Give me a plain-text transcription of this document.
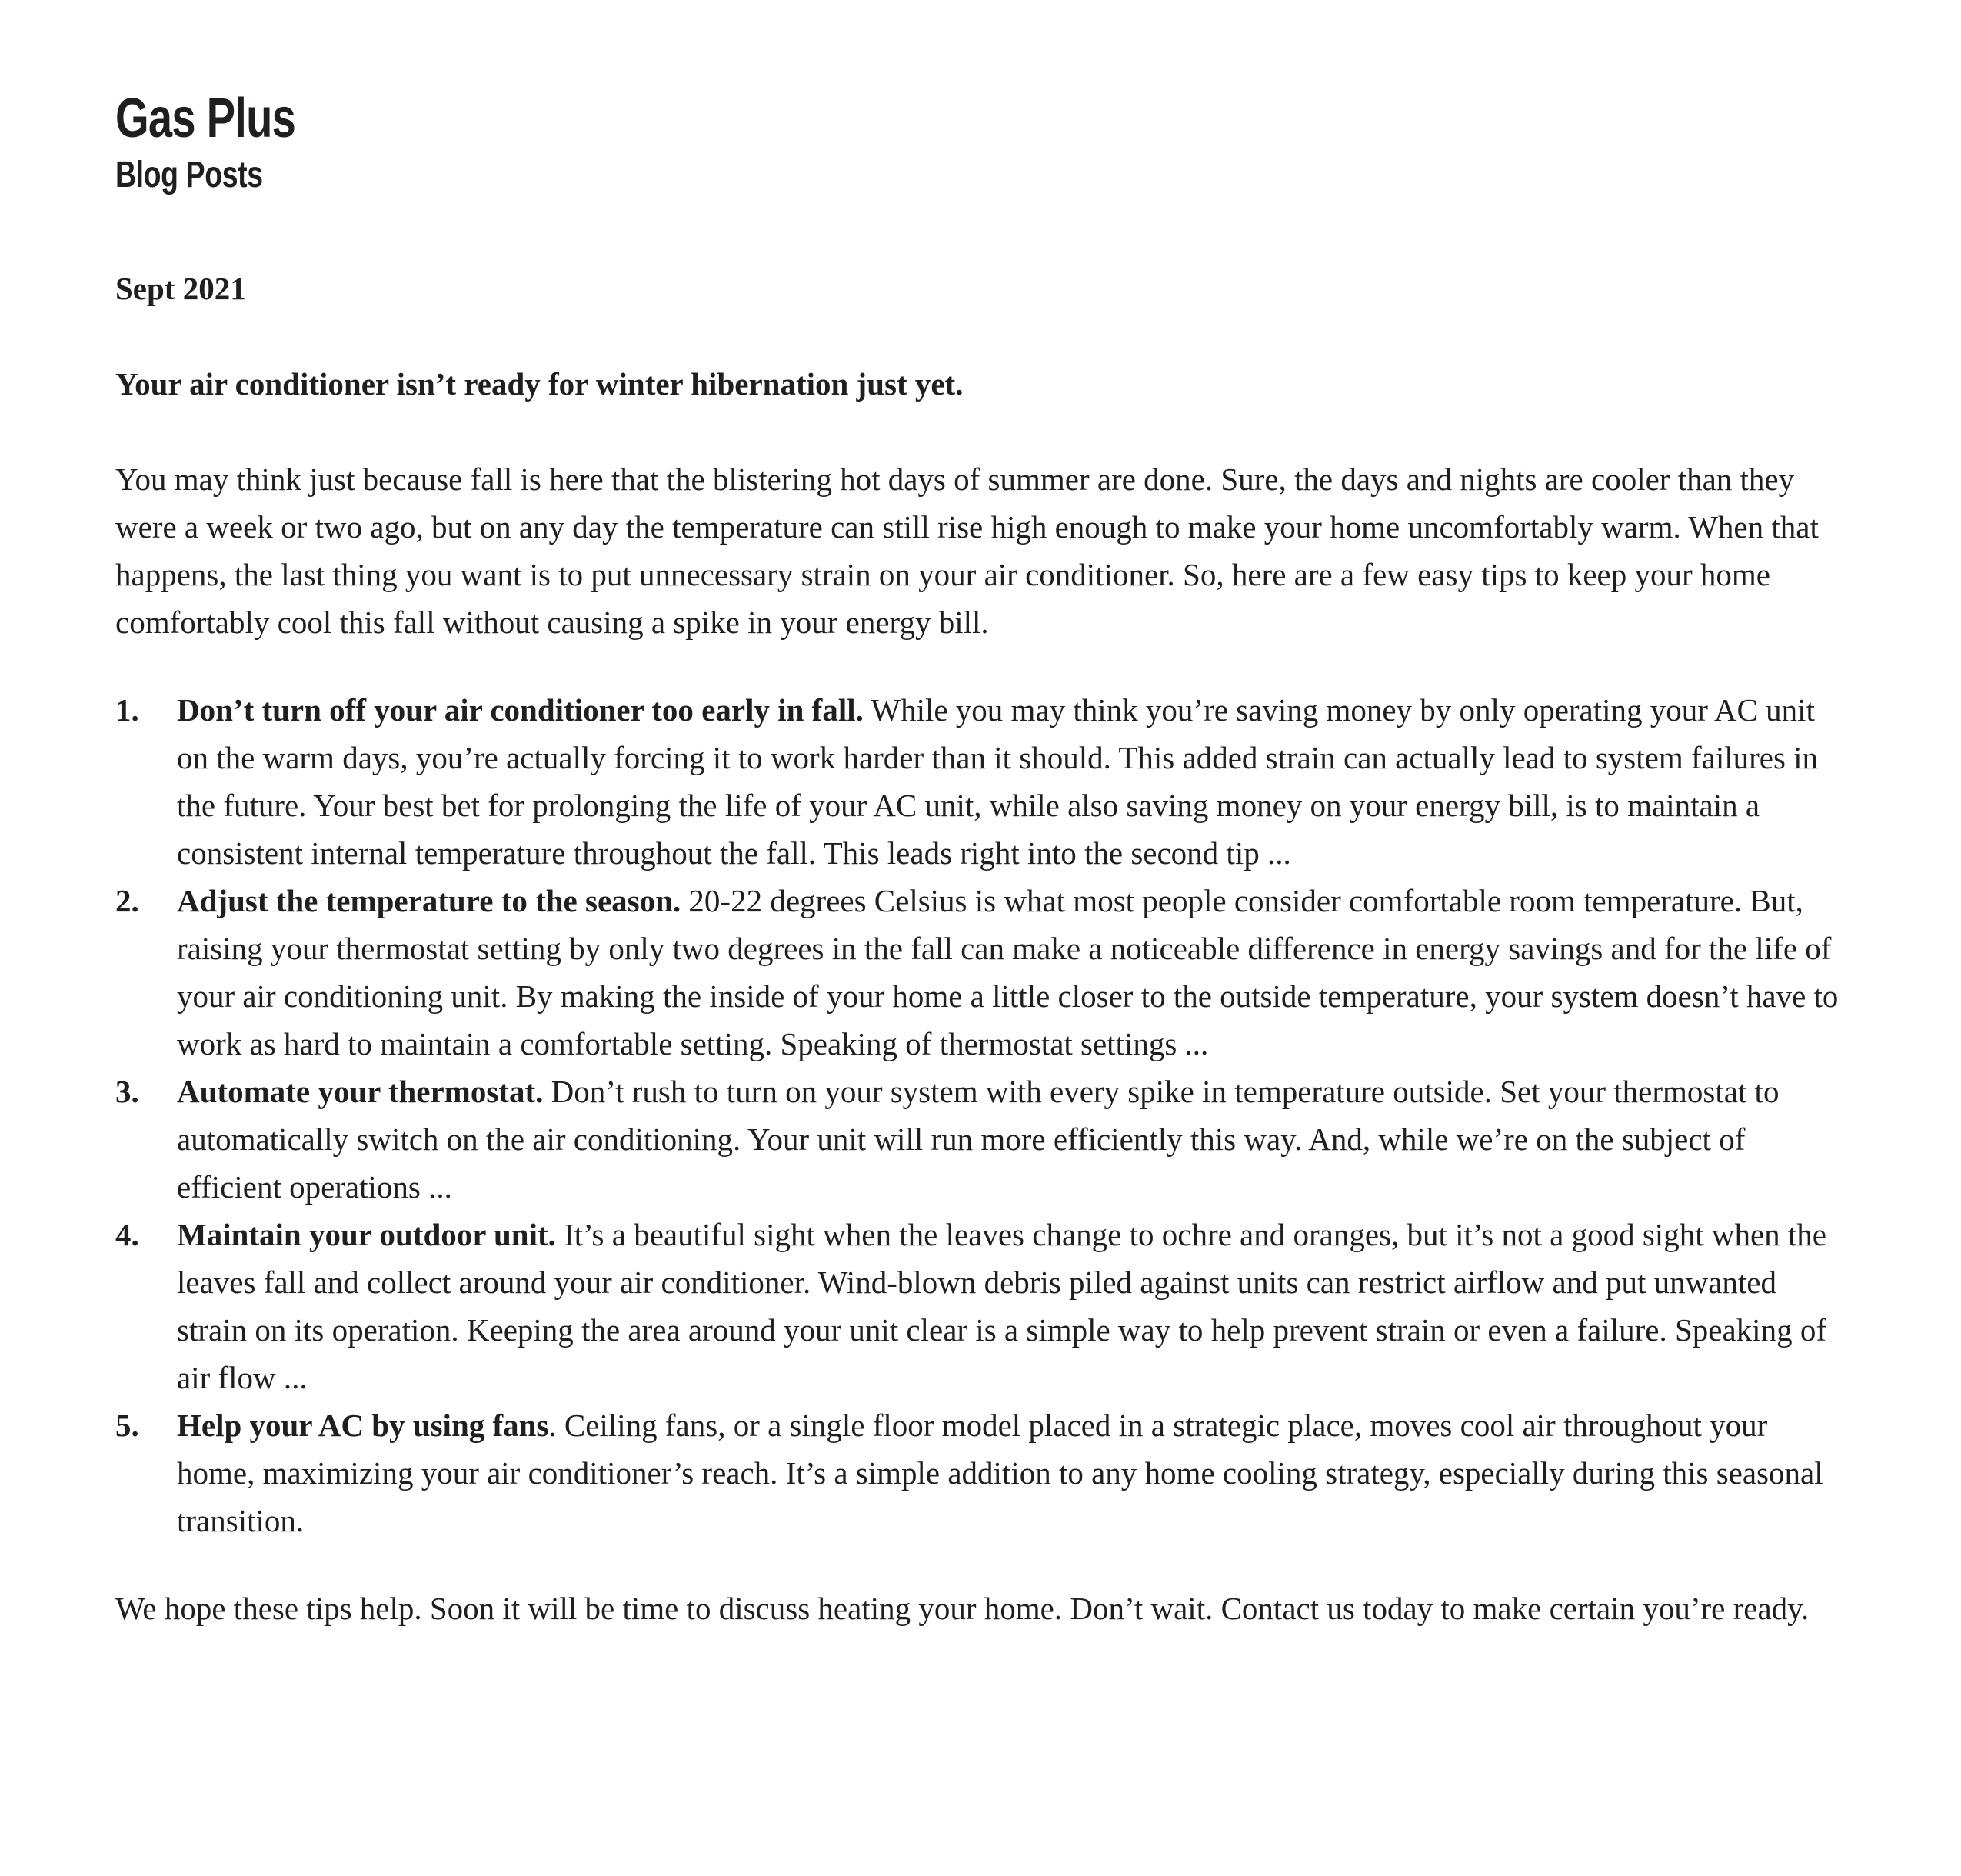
Gas Plus
Blog Posts

Sept 2021

Your air conditioner isn’t ready for winter hibernation just yet.

You may think just because fall is here that the blistering hot days of summer are done. Sure, the days and nights are cooler than they were a week or two ago, but on any day the temperature can still rise high enough to make your home uncomfortably warm. When that happens, the last thing you want is to put unnecessary strain on your air conditioner. So, here are a few easy tips to keep your home comfortably cool this fall without causing a spike in your energy bill.

1.	Don’t turn off your air conditioner too early in fall. While you may think you’re saving money by only operating your AC unit on the warm days, you’re actually forcing it to work harder than it should. This added strain can actually lead to system failures in the future. Your best bet for prolonging the life of your AC unit, while also saving money on your energy bill, is to maintain a consistent internal temperature throughout the fall. This leads right into the second tip ...
2.	Adjust the temperature to the season. 20-22 degrees Celsius is what most people consider comfortable room temperature. But, raising your thermostat setting by only two degrees in the fall can make a noticeable difference in energy savings and for the life of your air conditioning unit. By making the inside of your home a little closer to the outside temperature, your system doesn’t have to work as hard to maintain a comfortable setting. Speaking of thermostat settings ...
3.	Automate your thermostat. Don’t rush to turn on your system with every spike in temperature outside. Set your thermostat to automatically switch on the air conditioning. Your unit will run more efficiently this way. And, while we’re on the subject of efficient operations ...
4.	Maintain your outdoor unit. It’s a beautiful sight when the leaves change to ochre and oranges, but it’s not a good sight when the leaves fall and collect around your air conditioner. Wind-blown debris piled against units can restrict airflow and put unwanted strain on its operation. Keeping the area around your unit clear is a simple way to help prevent strain or even a failure. Speaking of air flow ...
5.	Help your AC by using fans. Ceiling fans, or a single floor model placed in a strategic place, moves cool air throughout your home, maximizing your air conditioner’s reach. It’s a simple addition to any home cooling strategy, especially during this seasonal transition.

We hope these tips help. Soon it will be time to discuss heating your home. Don’t wait. Contact us today to make certain you’re ready.
